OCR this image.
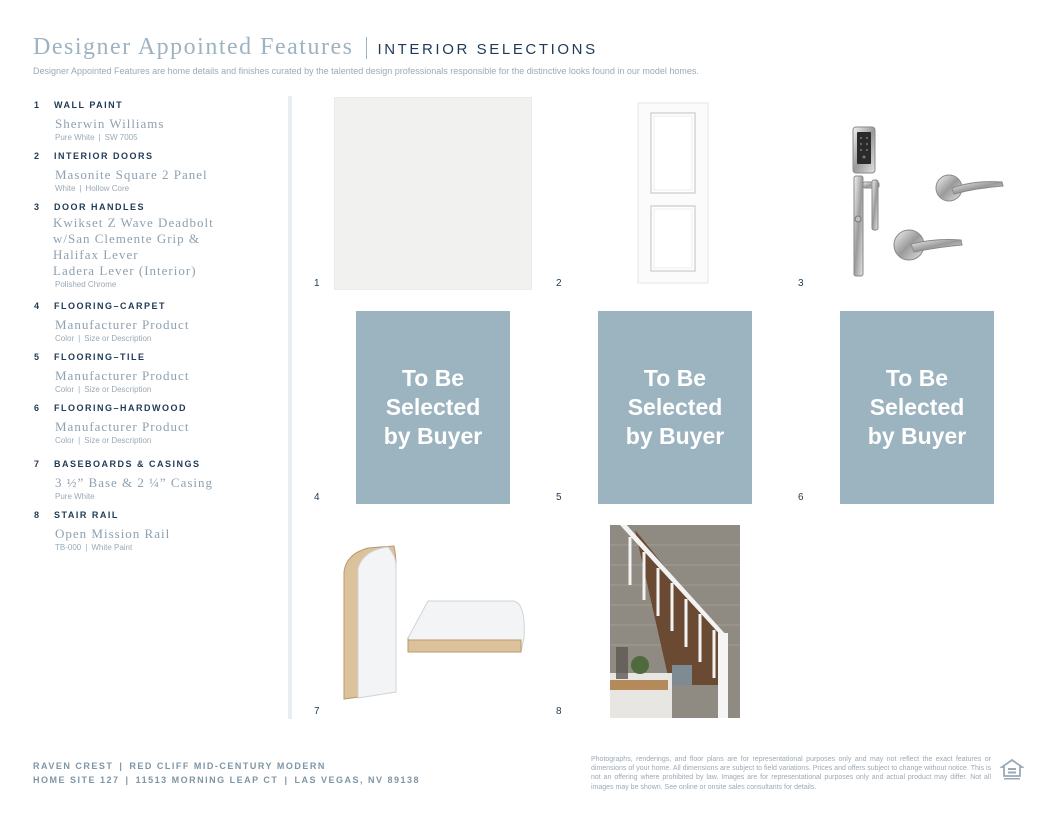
Designer Appointed Features INTERIOR SELECTIONS
Designer Appointed Features are home details and finishes curated by the talented design professionals responsible for the distinctive looks found in our model homes.
1	WALL PAINT
Sherwin Williams
Pure White | SW 7005
2	INTERIOR DOORS
Masonite Square 2 Panel
White | Hollow Core
3	DOOR HANDLES
Kwikset Z Wave Deadbolt
w/San Clemente Grip &
Halifax Lever
Ladera Lever (Interior)
Polished Chrome
4	FLOORING–CARPET
Manufacturer Product
Color | Size or Description
5	FLOORING–TILE
Manufacturer Product
Color | Size or Description
6	FLOORING–HARDWOOD
Manufacturer Product
Color | Size or Description
7	BASEBOARDS & CASINGS
3 ½” Base & 2 ¼” Casing
Pure White
8	STAIR RAIL
Open Mission Rail
TB-000 | White Paint
1	2	3
To Be
Selected
by Buyer
4
To Be
Selected
by Buyer
5
To Be
Selected
by Buyer
6
7	8
RAVEN CREST | RED CLIFF MID-CENTURY MODERN
HOME SITE 127 | 11513 MORNING LEAP CT | LAS VEGAS, NV 89138
Photographs, renderings, and floor plans are for representational purposes only and may not reflect the exact features or dimensions of your home. All dimensions are subject to field variations. Prices and offers subject to change without notice. This is not an offering where prohibited by law. Images are for representational purposes only and actual product may differ. Not all images may be shown. See online or onsite sales consultants for details.
